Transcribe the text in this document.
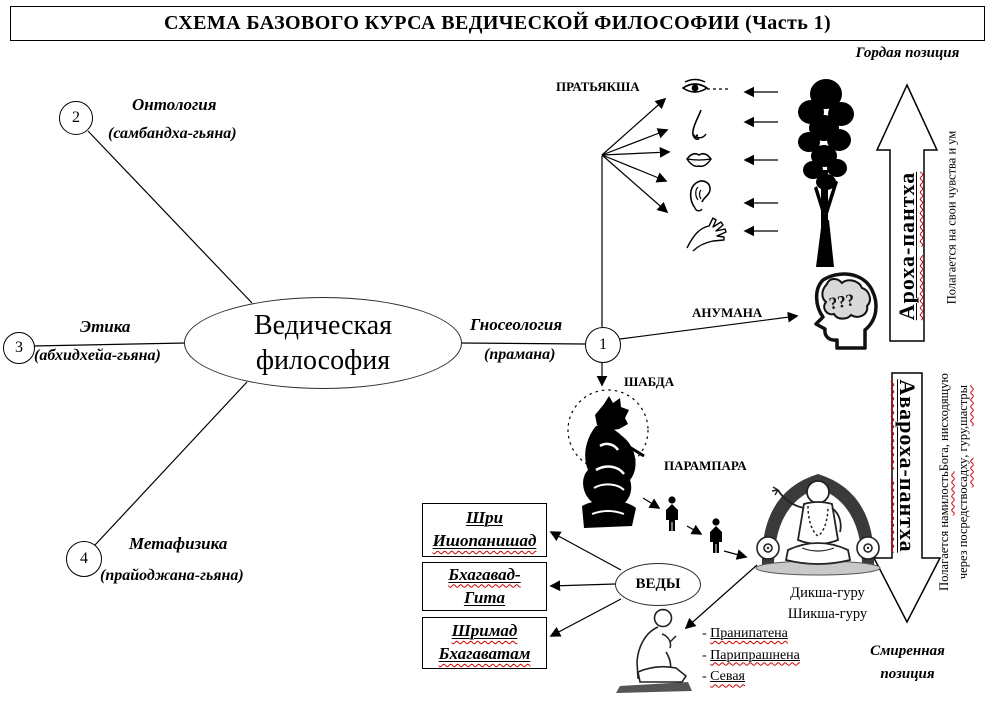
СХЕМА БАЗОВОГО КУРСА ВЕДИЧЕСКОЙ ФИЛОСОФИИ (Часть 1)
Гордая позиция
Смиренная
позиция
2
3
4
1
Онтология
(самбандха-гьяна)
Этика
(абхидхейа-гьяна)
Метафизика
(прайоджана-гьяна)
Гносеология
(прамана)
Ведическая
философия
ПРАТЬЯКША
АНУМАНА
ШАБДА
ПАРАМПАРА
???
ВЕДЫ
Шри
Ишопанишад
Бхагавад-
Гита
Шримад
Бхагаватам
Дикша-гуру
Шикша-гуру
- Пранипатена
- Парипрашнена
- Севая
Ароха
-
пантха Полагается на свои чувства и ум
Авароха
-
пантха
Полагается на
милость
Бога, нисходящую
через посредство
садху
, гуру,
шастры
